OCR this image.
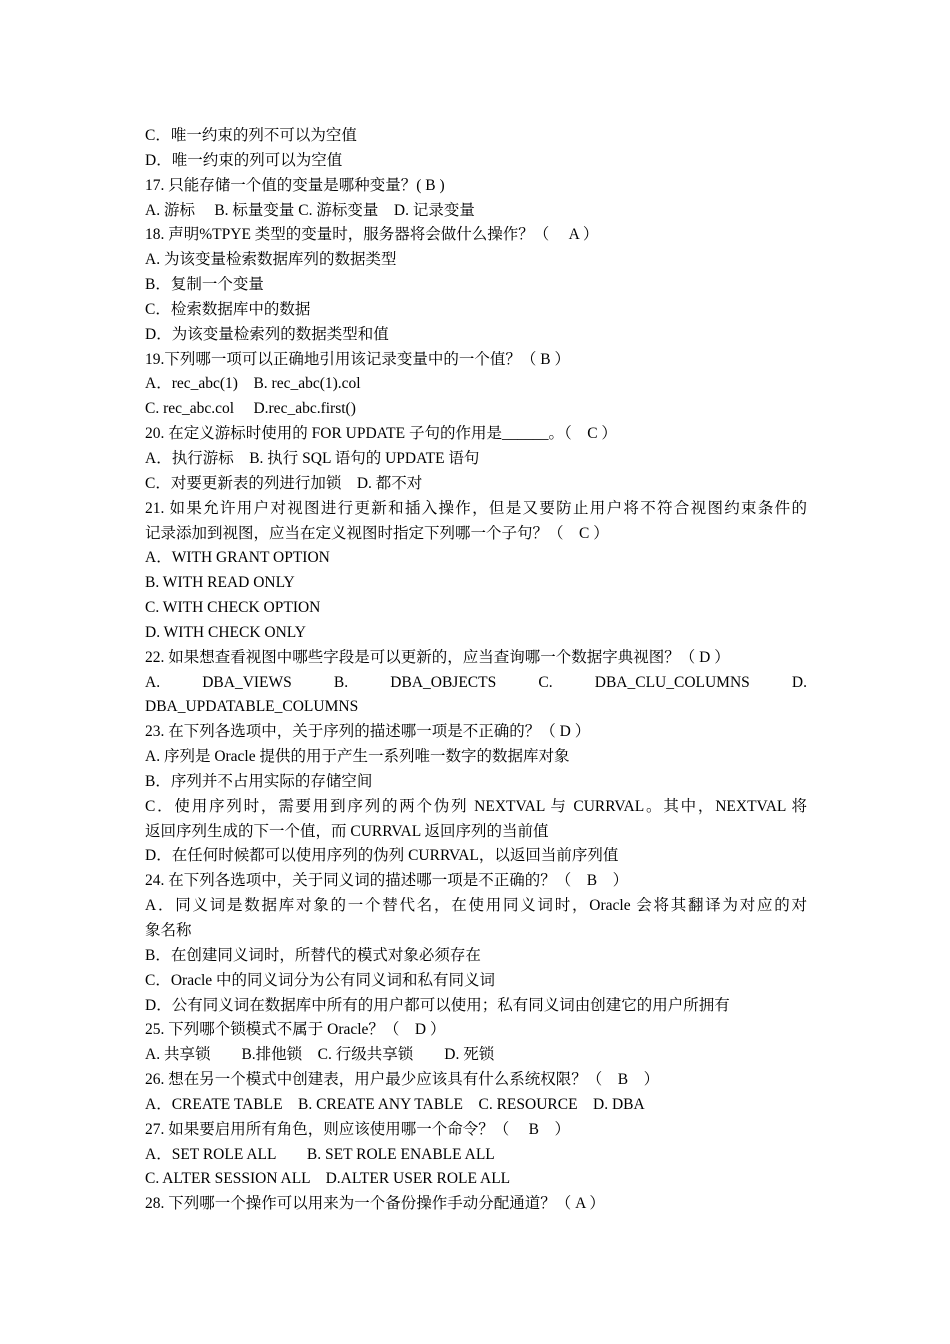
C．唯一约束的列不可以为空值
D．唯一约束的列可以为空值
17. 只能存储一个值的变量是哪种变量？( B )
A. 游标　 B. 标量变量 C. 游标变量　D. 记录变量
18. 声明%TPYE 类型的变量时，服务器将会做什么操作？（　 A ）
A. 为该变量检索数据库列的数据类型
B．复制一个变量
C．检索数据库中的数据
D．为该变量检索列的数据类型和值
19.下列哪一项可以正确地引用该记录变量中的一个值？（ B ）
A．rec_abc(1)　B. rec_abc(1).col
C. rec_abc.col　 D.rec_abc.first()
20. 在定义游标时使用的 FOR UPDATE 子句的作用是______。（　C ）
A．执行游标　B. 执行 SQL 语句的 UPDATE 语句
C．对要更新表的列进行加锁　D. 都不对
21. 如果允许用户对视图进行更新和插入操作，但是又要防止用户将不符合视图约束条件的
记录添加到视图，应当在定义视图时指定下列哪一个子句？（　C ）
A．WITH GRANT OPTION
B. WITH READ ONLY
C. WITH CHECK OPTION
D. WITH CHECK ONLY
22. 如果想查看视图中哪些字段是可以更新的，应当查询哪一个数据字典视图？（ D ）
A. DBA_VIEWS B. DBA_OBJECTS C. DBA_CLU_COLUMNS D.
DBA_UPDATABLE_COLUMNS
23. 在下列各选项中，关于序列的描述哪一项是不正确的？（ D ）
A. 序列是 Oracle 提供的用于产生一系列唯一数字的数据库对象
B．序列并不占用实际的存储空间
C．使用序列时，需要用到序列的两个伪列 NEXTVAL 与 CURRVAL。其中，NEXTVAL 将
返回序列生成的下一个值，而 CURRVAL 返回序列的当前值
D．在任何时候都可以使用序列的伪列 CURRVAL，以返回当前序列值
24. 在下列各选项中，关于同义词的描述哪一项是不正确的？（　B　）
A．同义词是数据库对象的一个替代名，在使用同义词时，Oracle 会将其翻译为对应的对
象名称
B．在创建同义词时，所替代的模式对象必须存在
C．Oracle 中的同义词分为公有同义词和私有同义词
D．公有同义词在数据库中所有的用户都可以使用；私有同义词由创建它的用户所拥有
25. 下列哪个锁模式不属于 Oracle？（　D ）
A. 共享锁　　B.排他锁　C. 行级共享锁　　D. 死锁
26. 想在另一个模式中创建表，用户最少应该具有什么系统权限？（　B　）
A．CREATE TABLE　B. CREATE ANY TABLE　C. RESOURCE　D. DBA
27. 如果要启用所有角色，则应该使用哪一个命令？（　 B　）
A．SET ROLE ALL　　B. SET ROLE ENABLE ALL
C. ALTER SESSION ALL　D.ALTER USER ROLE ALL
28. 下列哪一个操作可以用来为一个备份操作手动分配通道？（ A ）
